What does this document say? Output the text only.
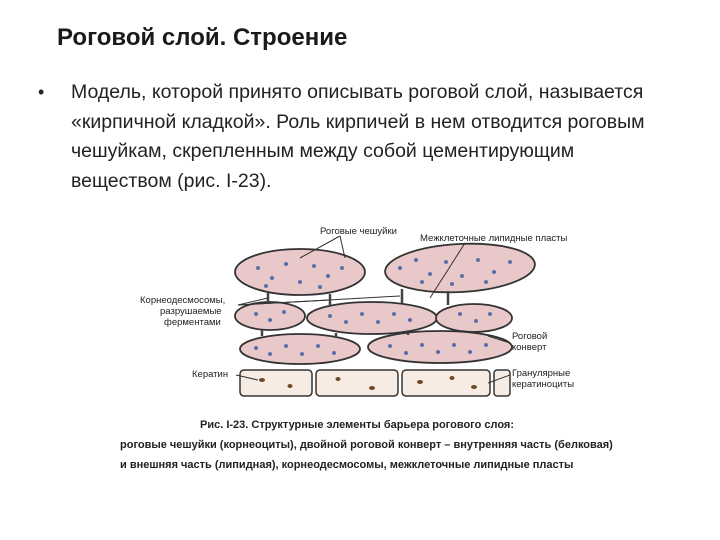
Роговой слой. Строение
• Модель, которой принято описывать роговой слой, называется «кирпичной кладкой». Роль кирпичей в нем отводится роговым чешуйкам, скрепленным между собой цементирующим веществом (рис. I-23).
Роговые чешуйки
Межклеточные липидные пласты
Корнеодесмосомы,
разрушаемые
ферментами
Роговой
конверт
Кератин	Гранулярные
кератиноциты
Рис. I-23. Структурные элементы барьера рогового слоя:
роговые чешуйки (корнеоциты), двойной роговой конверт – внутренняя часть (белковая)
и внешняя часть (липидная), корнеодесмосомы, межклеточные липидные пласты
